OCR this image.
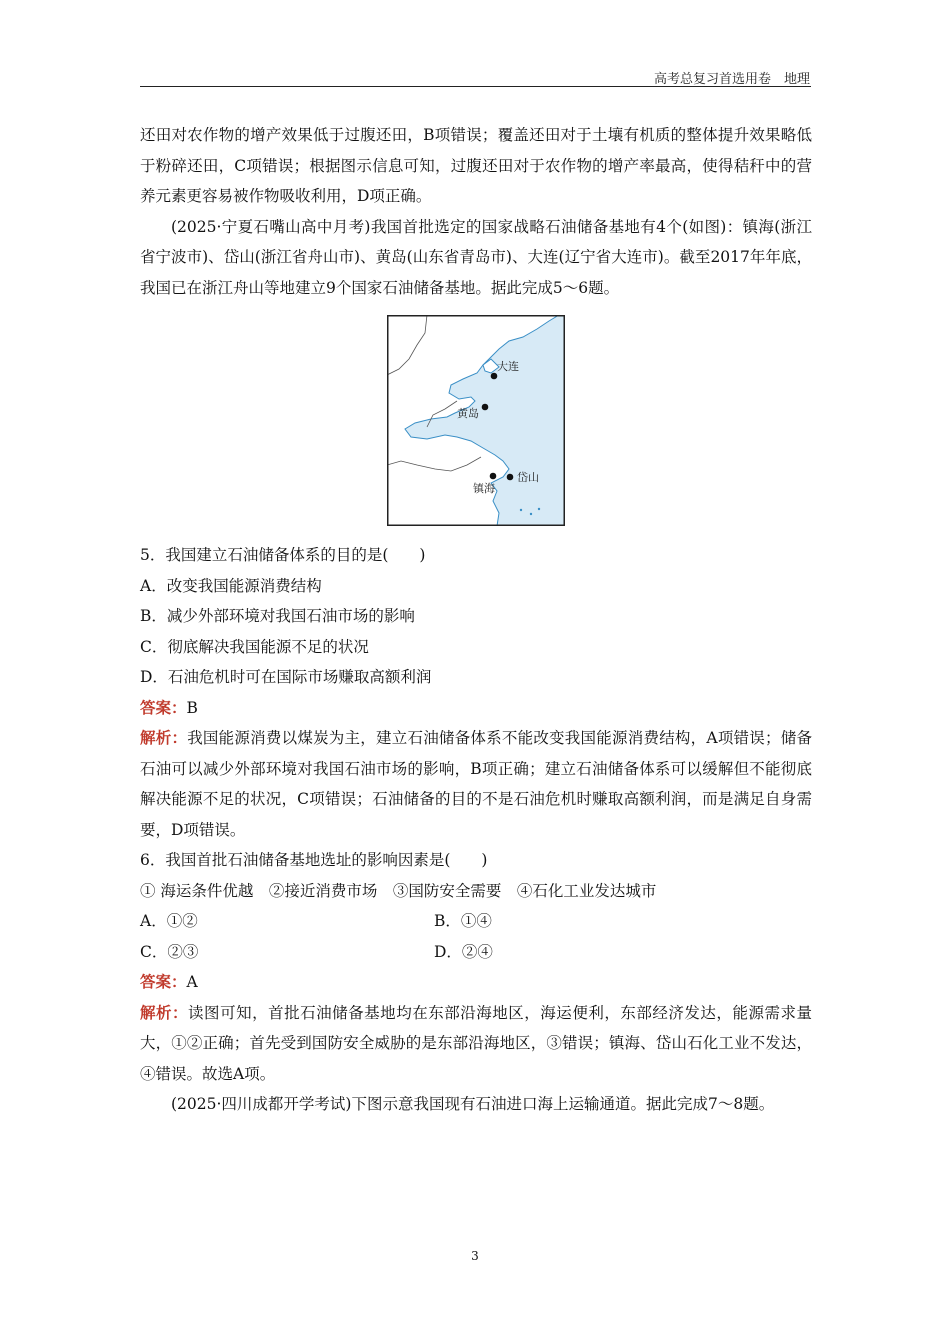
高考总复习首选用卷　地理

还田对农作物的增产效果低于过腹还田，B项错误；覆盖还田对于土壤有机质的整体提升效果略低于粉碎还田，C项错误；根据图示信息可知，过腹还田对于农作物的增产率最高，使得秸秆中的营养元素更容易被作物吸收利用，D项正确。

(2025·宁夏石嘴山高中月考)我国首批选定的国家战略石油储备基地有4个(如图)：镇海(浙江省宁波市)、岱山(浙江省舟山市)、黄岛(山东省青岛市)、大连(辽宁省大连市)。截至2017年年底，我国已在浙江舟山等地建立9个国家石油储备基地。据此完成5～6题。

大连
黄岛
镇海
岱山

5．我国建立石油储备体系的目的是(　　)

A．改变我国能源消费结构

B．减少外部环境对我国石油市场的影响

C．彻底解决我国能源不足的状况

D．石油危机时可在国际市场赚取高额利润

答案：B

解析：我国能源消费以煤炭为主，建立石油储备体系不能改变我国能源消费结构，A项错误；储备石油可以减少外部环境对我国石油市场的影响，B项正确；建立石油储备体系可以缓解但不能彻底解决能源不足的状况，C项错误；石油储备的目的不是石油危机时赚取高额利润，而是满足自身需要，D项错误。

6．我国首批石油储备基地选址的影响因素是(　　)

① 海运条件优越　②接近消费市场　③国防安全需要　④石化工业发达城市

A．①②	B．①④

C．②③	D．②④

答案：A

解析：读图可知，首批石油储备基地均在东部沿海地区，海运便利，东部经济发达，能源需求量大，①②正确；首先受到国防安全威胁的是东部沿海地区，③错误；镇海、岱山石化工业不发达，④错误。故选A项。

(2025·四川成都开学考试)下图示意我国现有石油进口海上运输通道。据此完成7～8题。

3
